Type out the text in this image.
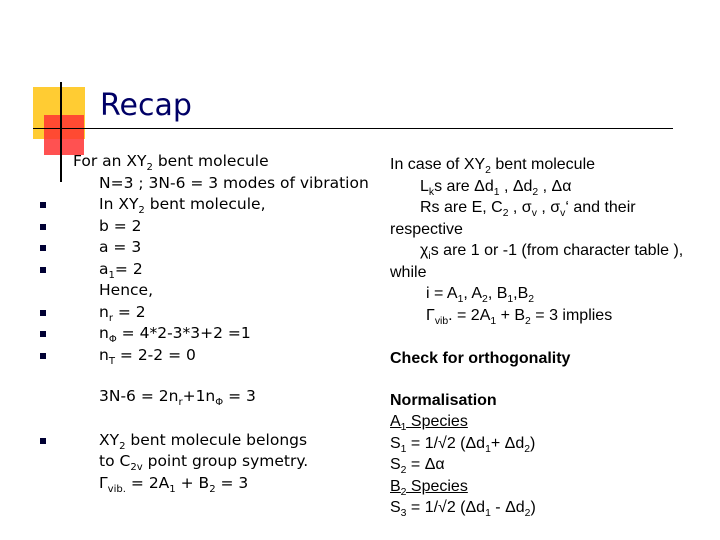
Recap
For an $XY_2$ bent molecule
N=3 ; 3N-6 = 3 modes of vibration
In $XY_2$ bent molecule,
b = 2
a = 3
$a_1= 2$
Hence,
$n_r = 2$
$n_\Phi = 4*2-3*3+2 =1$
$n_T = 2-2 = 0$
$3N-6 = 2n_r+1n_\Phi = 3$
$XY_2$ bent molecule belongs to $C_{2v}$ point group symetry.
$\Gamma_{vib.} = 2A_1 + B_2 = 3$
In case of $XY_2$ bent molecule
$L_ks$ are $\Delta d_1$ , $\Delta d_2$ , Δα
Rs are E, $C_2$ , $\sigma_v$ , $\sigma_v‘$ and their
respective
$\chi_is$ are 1 or -1 (from character table ),
while
$i = A_1$, $A_2$, $B_1,B_2$
$\Gamma_{vib}$. = $2A_1 + B_2 = 3$ implies
Check for orthogonality
Normalisation
$A_1$ Species
$S_1 = 1/√2$ $(\Delta d_1+ \Delta d_2)$
$S_2 = \Delta\alpha$
$B_2$ Species
$S_3 = 1/√2$ $(\Delta d_1 - \Delta d_2)$
